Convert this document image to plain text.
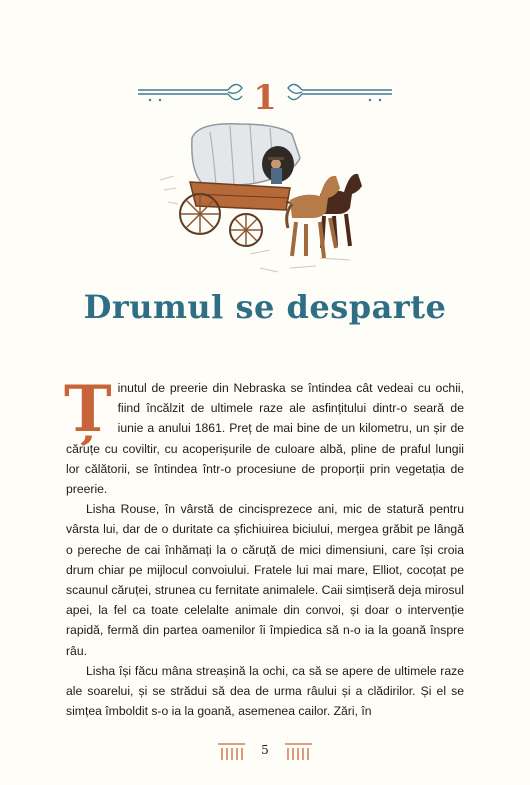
1
Drumul se desparte

Ținutul de preerie din Nebraska se întindea cât vedeai cu ochii, fiind încălzit de ultimele raze ale asfințitului dintr-o seară de iunie a anului 1861. Preț de mai bine de un kilometru, un șir de căruțe cu coviltir, cu acoperișurile de culoare albă, pline de praful lungii lor călătorii, se întindea într-o procesiune de proporții prin vegetația de preerie.

Lisha Rouse, în vârstă de cincisprezece ani, mic de statură pentru vârsta lui, dar de o duritate ca șfichiuirea biciului, mergea grăbit pe lângă o pereche de cai înhămați la o căruță de mici dimensiuni, care își croia drum chiar pe mijlocul convoiului. Fratele lui mai mare, Elliot, cocoțat pe scaunul căruței, strunea cu fernitate animalele. Caii simțiseră deja mirosul apei, la fel ca toate celelalte animale din convoi, și doar o intervenție rapidă, fermă din partea oamenilor îi împiedica să n-o ia la goană înspre râu.

Lisha își făcu mâna streașină la ochi, ca să se apere de ultimele raze ale soarelui, și se strădui să dea de urma râului și a clădirilor. Și el se simțea îmboldit s-o ia la goană, asemenea cailor. Zări, în

5
